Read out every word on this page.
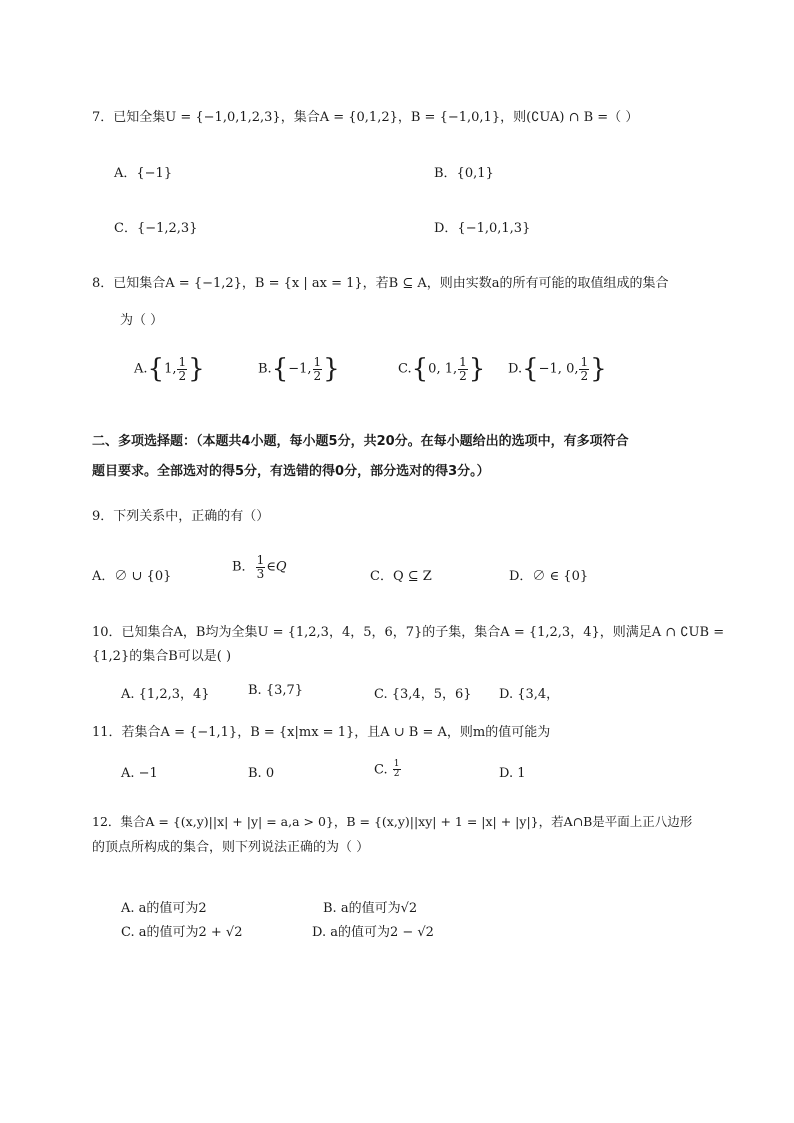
7．已知全集U = {−1,0,1,2,3}，集合A = {0,1,2}，B = {−1,0,1}，则(∁UA) ∩ B =（ ）
A．{−1}	B．{0,1}
C．{−1,2,3}	D．{−1,0,1,3}
8．已知集合A = {−1,2}，B = {x | ax = 1}，若B ⊆ A，则由实数a的所有可能的取值组成的集合
为（ ）
A.{1, $\frac{1}{2}$ }	B.{−1, $\frac{1}{2}$ }	C.{0, 1, $\frac{1}{2}$ } D.{−1, 0, $\frac{1}{2}$ }
二、多项选择题：（本题共4小题，每小题5分，共20分。在每小题给出的选项中，有多项符合
题目要求。全部选对的得5分，有选错的得0分，部分选对的得3分。）
9．下列关系中，正确的有（）
A．∅ ∪ {0}
B． $\frac{1}{3}$ ∈Q
C．Q ⊆ Z	D．∅ ∈ {0}
10．已知集合A，B均为全集U = {1,2,3，4，5，6，7}的子集，集合A = {1,2,3，4}，则满足A ∩ ∁UB =
{1,2}的集合B可以是( )
A. {1,2,3，4}	B. {3,7}	C. {3,4，5，6} D. {3,4，
11．若集合A = {−1,1}，B = {x|mx = 1}，且A ∪ B = A，则m的值可能为
A. −1	B. 0	C. $\frac{1}{2}$	D. 1
12．集合A = {(x,y)||x| + |y| = a,a > 0}，B = {(x,y)||xy| + 1 = |x| + |y|}，若A∩B是平面上正八边形
的顶点所构成的集合，则下列说法正确的为（ ）
A. a的值可为2	B. a的值可为√2
C. a的值可为2 + √2	D. a的值可为2 − √2
